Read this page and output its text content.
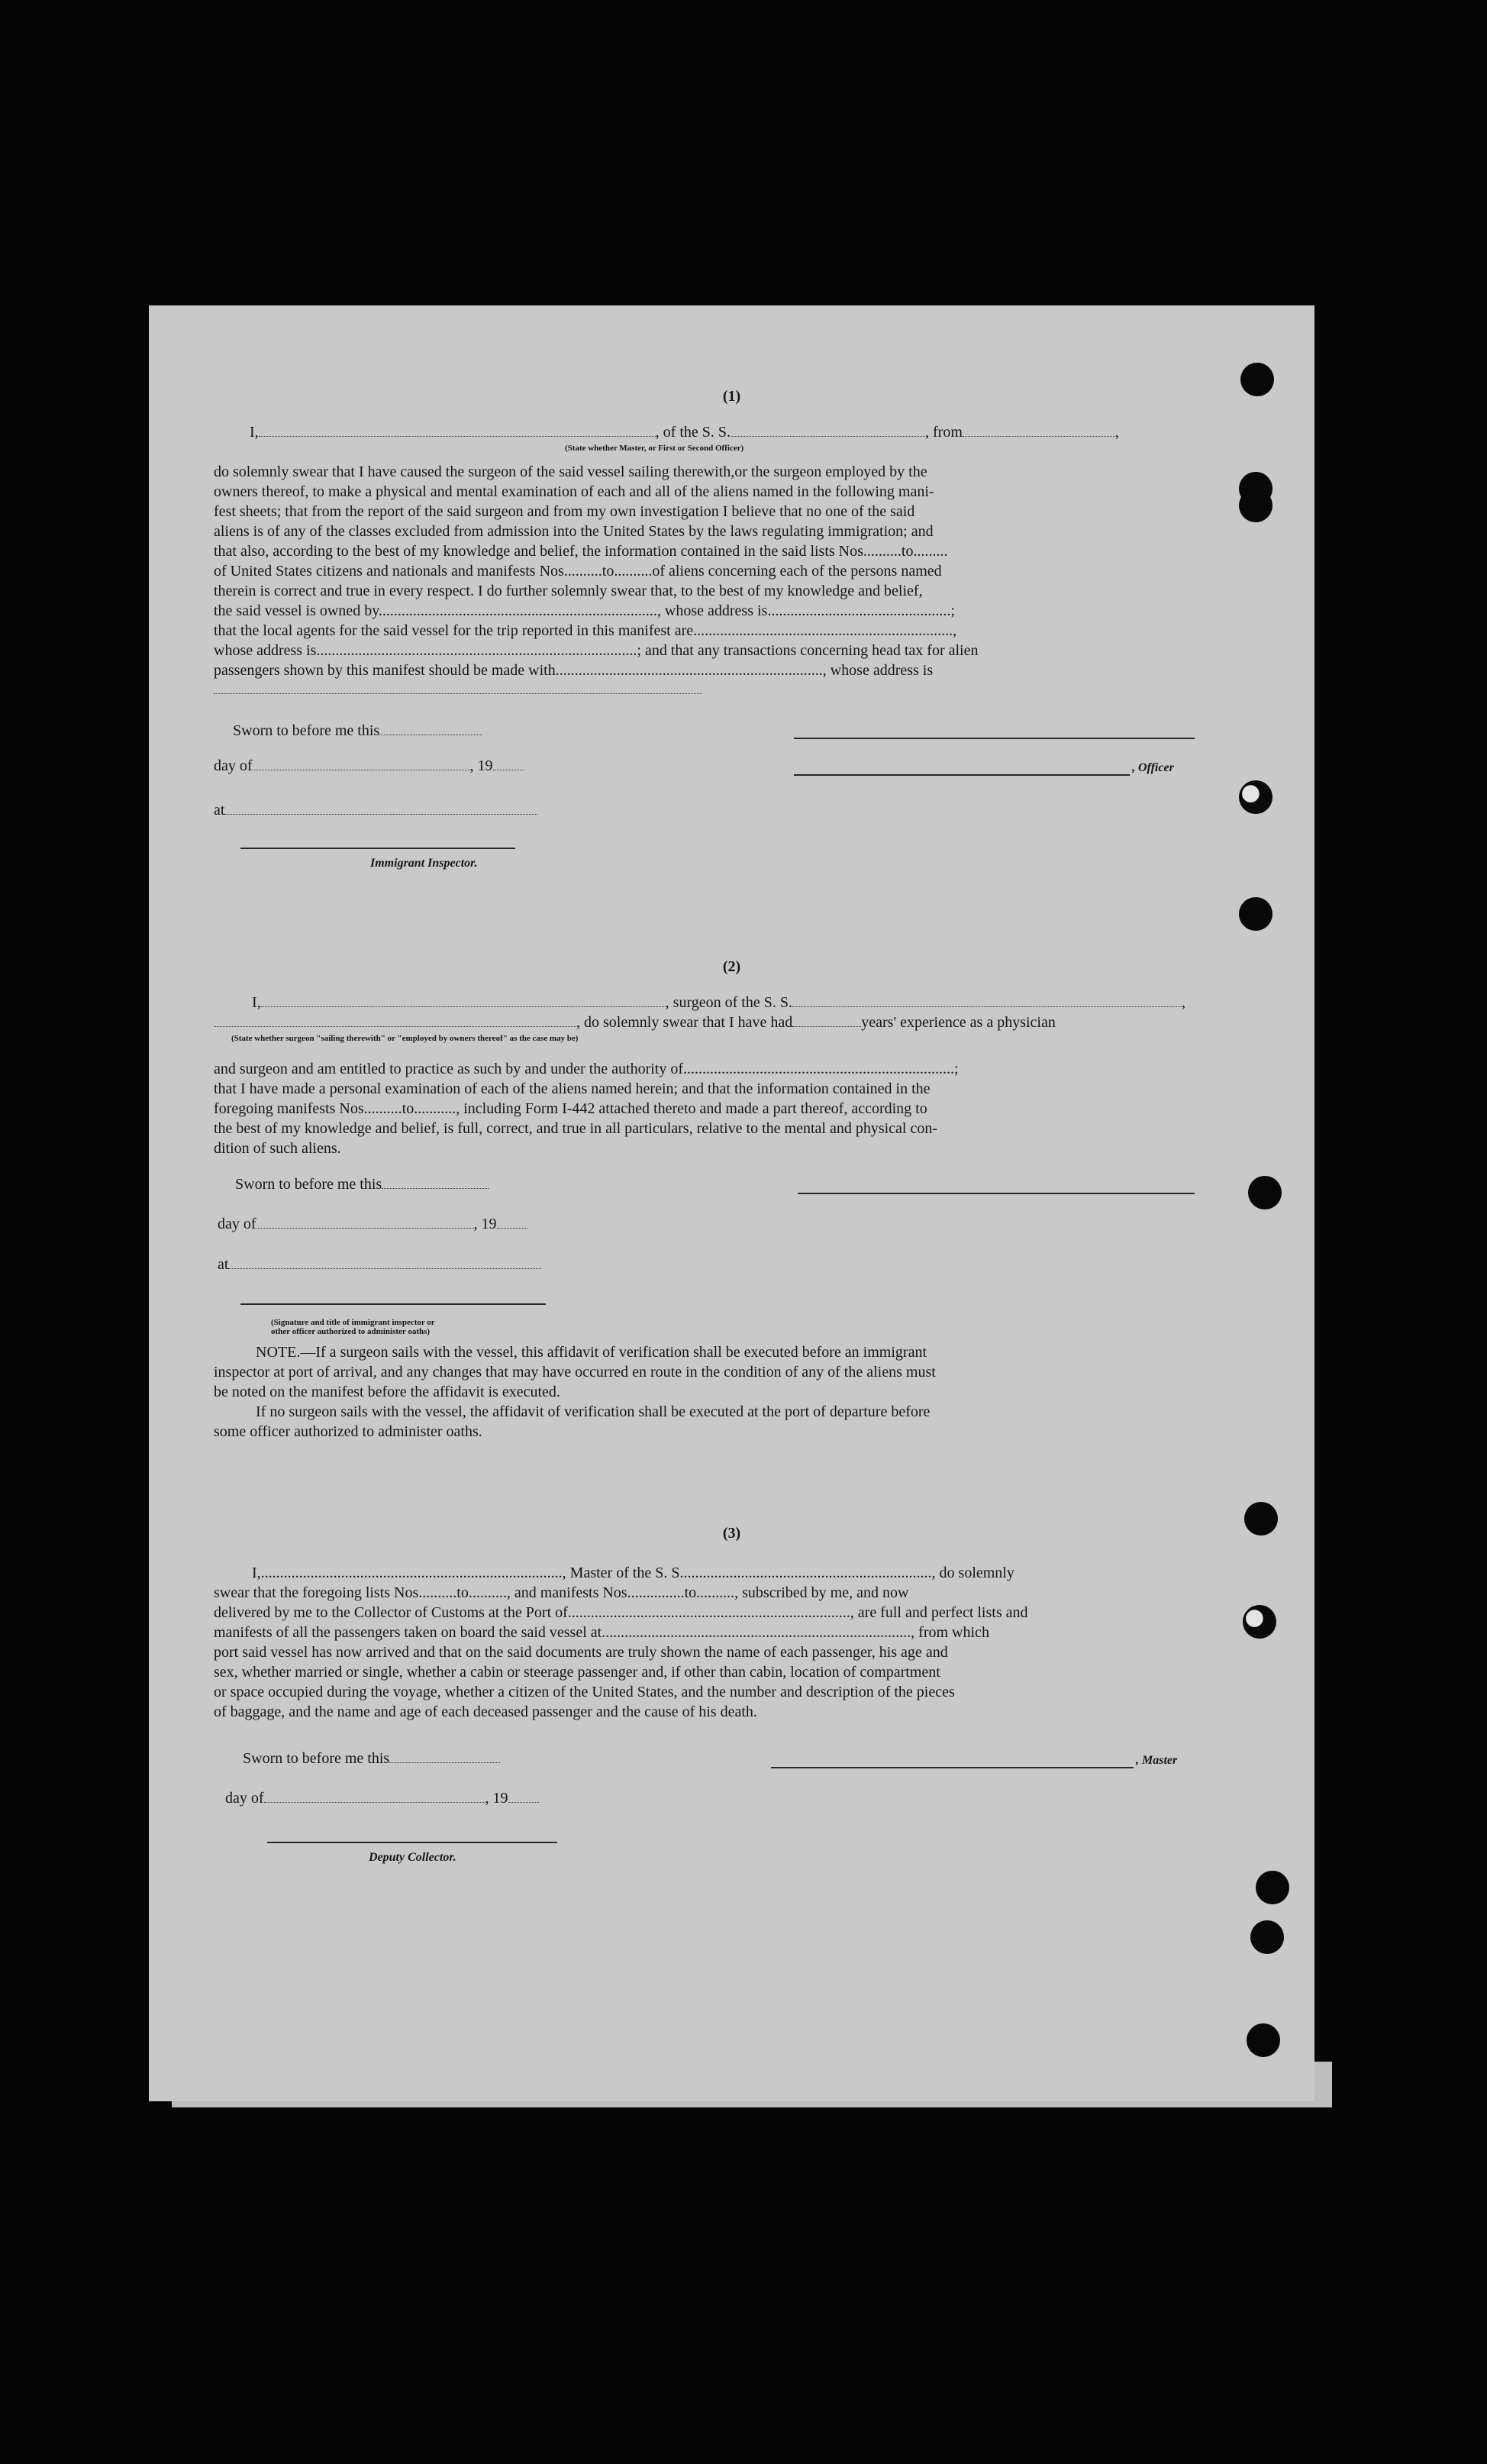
(1)
I,	, of the S. S.	, from	,
(State whether Master, or First or Second Officer)
do solemnly swear that I have caused the surgeon of the said vessel sailing therewith,or the surgeon employed by the
owners thereof, to make a physical and mental examination of each and all of the aliens named in the following mani-
fest sheets; that from the report of the said surgeon and from my own investigation I believe that no one of the said
aliens is of any of the classes excluded from admission into the United States by the laws regulating immigration; and
that also, according to the best of my knowledge and belief, the information contained in the said lists Nos..........to.........
of United States citizens and nationals and manifests Nos..........to..........of aliens concerning each of the persons named
therein is correct and true in every respect. I do further solemnly swear that, to the best of my knowledge and belief,
the said vessel is owned by........................................................................., whose address is................................................;
that the local agents for the said vessel for the trip reported in this manifest are....................................................................,
whose address is....................................................................................; and that any transactions concerning head tax for alien
passengers shown by this manifest should be made with......................................................................, whose address is
Sworn to before me this
day of	, 19	, Officer
at
Immigrant Inspector.
(2)
I,	, surgeon of the S. S.	,
, do solemnly swear that I have had	years' experience as a physician
(State whether surgeon "sailing therewith" or "employed by owners thereof" as the case may be)
and surgeon and am entitled to practice as such by and under the authority of.......................................................................;
that I have made a personal examination of each of the aliens named herein; and that the information contained in the
foregoing manifests Nos..........to..........., including Form I-442 attached thereto and made a part thereof, according to
the best of my knowledge and belief, is full, correct, and true in all particulars, relative to the mental and physical con-
dition of such aliens.
Sworn to before me this
day of	, 19
at
(Signature and title of immigrant inspector or
other officer authorized to administer oaths)
NOTE.—If a surgeon sails with the vessel, this affidavit of verification shall be executed before an immigrant
inspector at port of arrival, and any changes that may have occurred en route in the condition of any of the aliens must
be noted on the manifest before the affidavit is executed.
If no surgeon sails with the vessel, the affidavit of verification shall be executed at the port of departure before
some officer authorized to administer oaths.
(3)
I,..............................................................................., Master of the S. S.................................................................., do solemnly
swear that the foregoing lists Nos..........to.........., and manifests Nos...............to.........., subscribed by me, and now
delivered by me to the Collector of Customs at the Port of.........................................................................., are full and perfect lists and
manifests of all the passengers taken on board the said vessel at................................................................................., from which
port said vessel has now arrived and that on the said documents are truly shown the name of each passenger, his age and
sex, whether married or single, whether a cabin or steerage passenger and, if other than cabin, location of compartment
or space occupied during the voyage, whether a citizen of the United States, and the number and description of the pieces
of baggage, and the name and age of each deceased passenger and the cause of his death.
Sworn to before me this	, Master
day of	, 19
Deputy Collector.
